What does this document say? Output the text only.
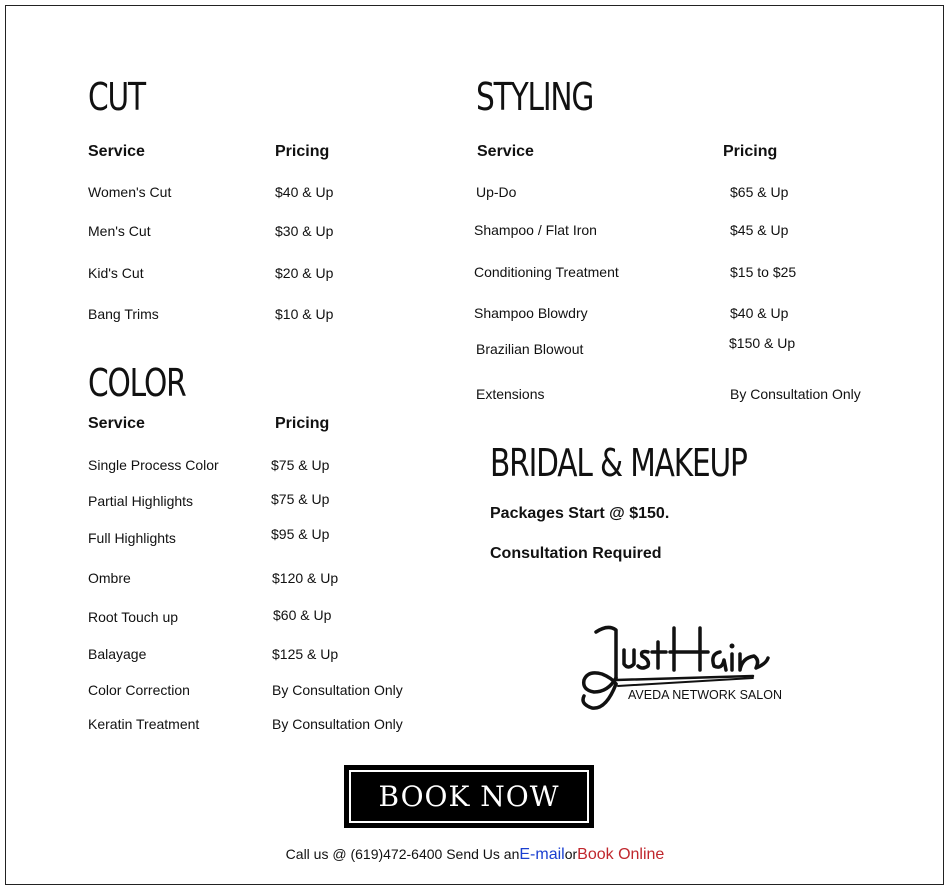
CUT
Service	Pricing
Women's Cut	$40 & Up
Men's Cut	$30 & Up
Kid's Cut	$20 & Up
Bang Trims	$10 & Up
COLOR
Service	Pricing
Single Process Color	$75 & Up
Partial Highlights	$75 & Up
Full Highlights	$95 & Up
Ombre	$120 & Up
Root Touch up	$60 & Up
Balayage	$125 & Up
Color Correction	By Consultation Only
Keratin Treatment	By Consultation Only
STYLING
Service	Pricing
Up-Do	$65 & Up
Shampoo / Flat Iron	$45 & Up
Conditioning Treatment	$15 to $25
Shampoo Blowdry	$40 & Up
Brazilian Blowout	$150 & Up
Extensions	By Consultation Only
BRIDAL & MAKEUP
Packages Start @ $150.
Consultation Required
AVEDA NETWORK SALON
BOOK NOW
Call us @ (619)472-6400 Send Us anE-mailorBook Online
